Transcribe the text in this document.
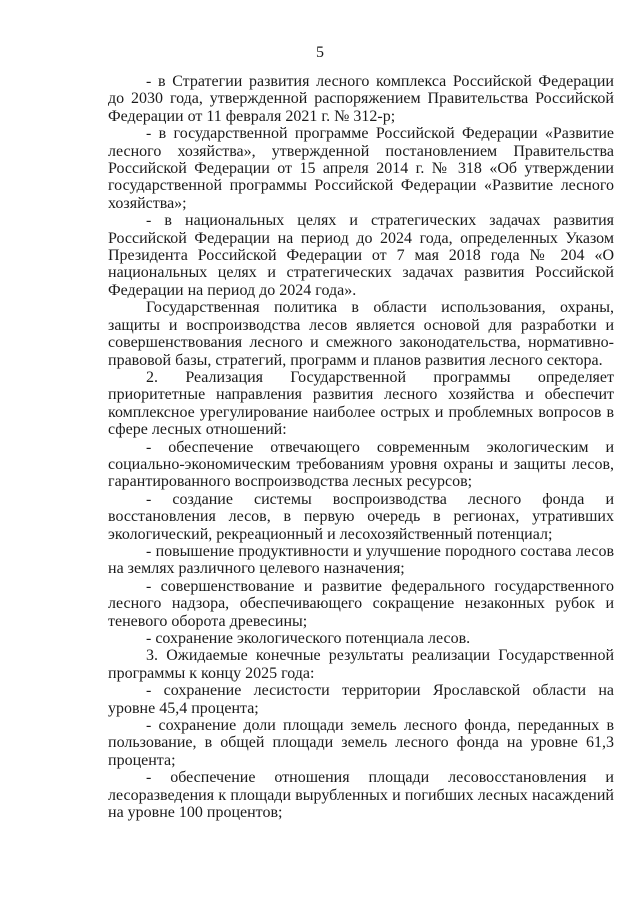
5

- в Стратегии развития лесного комплекса Российской Федерации до 2030 года, утвержденной распоряжением Правительства Российской Федерации от 11 февраля 2021 г. № 312-р;

- в государственной программе Российской Федерации «Развитие лесного хозяйства», утвержденной постановлением Правительства Российской Федерации от 15 апреля 2014 г. № 318 «Об утверждении государственной программы Российской Федерации «Развитие лесного хозяйства»;

- в национальных целях и стратегических задачах развития Российской Федерации на период до 2024 года, определенных Указом Президента Российской Федерации от 7 мая 2018 года № 204 «О национальных целях и стратегических задачах развития Российской Федерации на период до 2024 года».

Государственная политика в области использования, охраны, защиты и воспроизводства лесов является основой для разработки и совершенствования лесного и смежного законодательства, нормативно-правовой базы, стратегий, программ и планов развития лесного сектора.

2. Реализация Государственной программы определяет приоритетные направления развития лесного хозяйства и обеспечит комплексное урегулирование наиболее острых и проблемных вопросов в сфере лесных отношений:

- обеспечение отвечающего современным экологическим и социально-экономическим требованиям уровня охраны и защиты лесов, гарантированного воспроизводства лесных ресурсов;

- создание системы воспроизводства лесного фонда и восстановления лесов, в первую очередь в регионах, утративших экологический, рекреационный и лесохозяйственный потенциал;

- повышение продуктивности и улучшение породного состава лесов на землях различного целевого назначения;

- совершенствование и развитие федерального государственного лесного надзора, обеспечивающего сокращение незаконных рубок и теневого оборота древесины;

- сохранение экологического потенциала лесов.

3. Ожидаемые конечные результаты реализации Государственной программы к концу 2025 года:

- сохранение лесистости территории Ярославской области на уровне 45,4 процента;

- сохранение доли площади земель лесного фонда, переданных в пользование, в общей площади земель лесного фонда на уровне 61,3 процента;

- обеспечение отношения площади лесовосстановления и лесоразведения к площади вырубленных и погибших лесных насаждений на уровне 100 процентов;
